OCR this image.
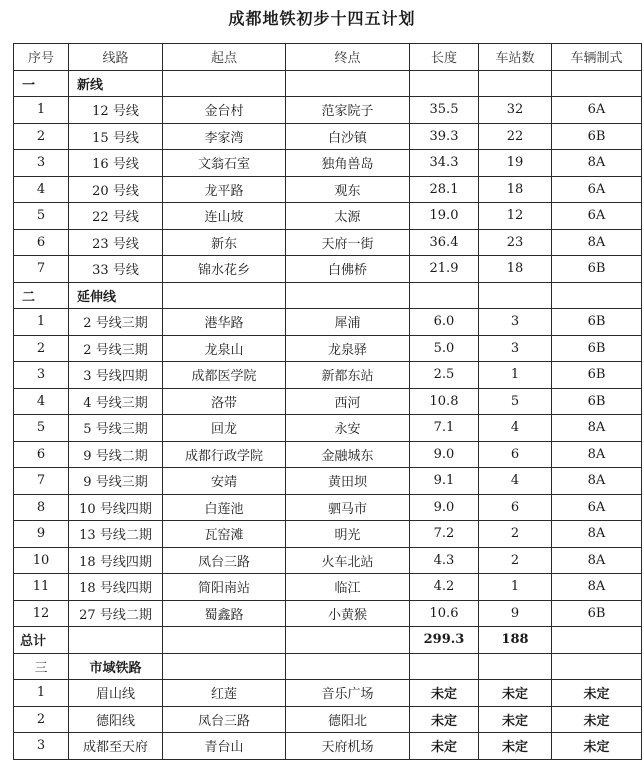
成都地铁初步十四五计划
序号	线路	起点	终点	长度	车站数	车辆制式
一	新线					
1	12 号线	金台村	范家院子	35.5	32	6A
2	15 号线	李家湾	白沙镇	39.3	22	6B
3	16 号线	文翁石室	独角兽岛	34.3	19	8A
4	20 号线	龙平路	观东	28.1	18	6A
5	22 号线	连山坡	太源	19.0	12	6A
6	23 号线	新东	天府一街	36.4	23	8A
7	33 号线	锦水花乡	白佛桥	21.9	18	6B
二	延伸线					
1	2 号线三期	港华路	犀浦	6.0	3	6B
2	2 号线三期	龙泉山	龙泉驿	5.0	3	6B
3	3 号线四期	成都医学院	新都东站	2.5	1	6B
4	4 号线三期	洛带	西河	10.8	5	6B
5	5 号线三期	回龙	永安	7.1	4	8A
6	9 号线二期	成都行政学院	金融城东	9.0	6	8A
7	9 号线三期	安靖	黄田坝	9.1	4	8A
8	10 号线四期	白莲池	驷马市	9.0	6	6A
9	13 号线二期	瓦窑滩	明光	7.2	2	8A
10	18 号线四期	凤台三路	火车北站	4.3	2	8A
11	18 号线四期	简阳南站	临江	4.2	1	8A
12	27 号线二期	蜀鑫路	小黄猴	10.6	9	6B
总计				299.3	188	
三	市域铁路					
1	眉山线	红莲	音乐广场	未定	未定	未定
2	德阳线	凤台三路	德阳北	未定	未定	未定
3	成都至天府	青台山	天府机场	未定	未定	未定
